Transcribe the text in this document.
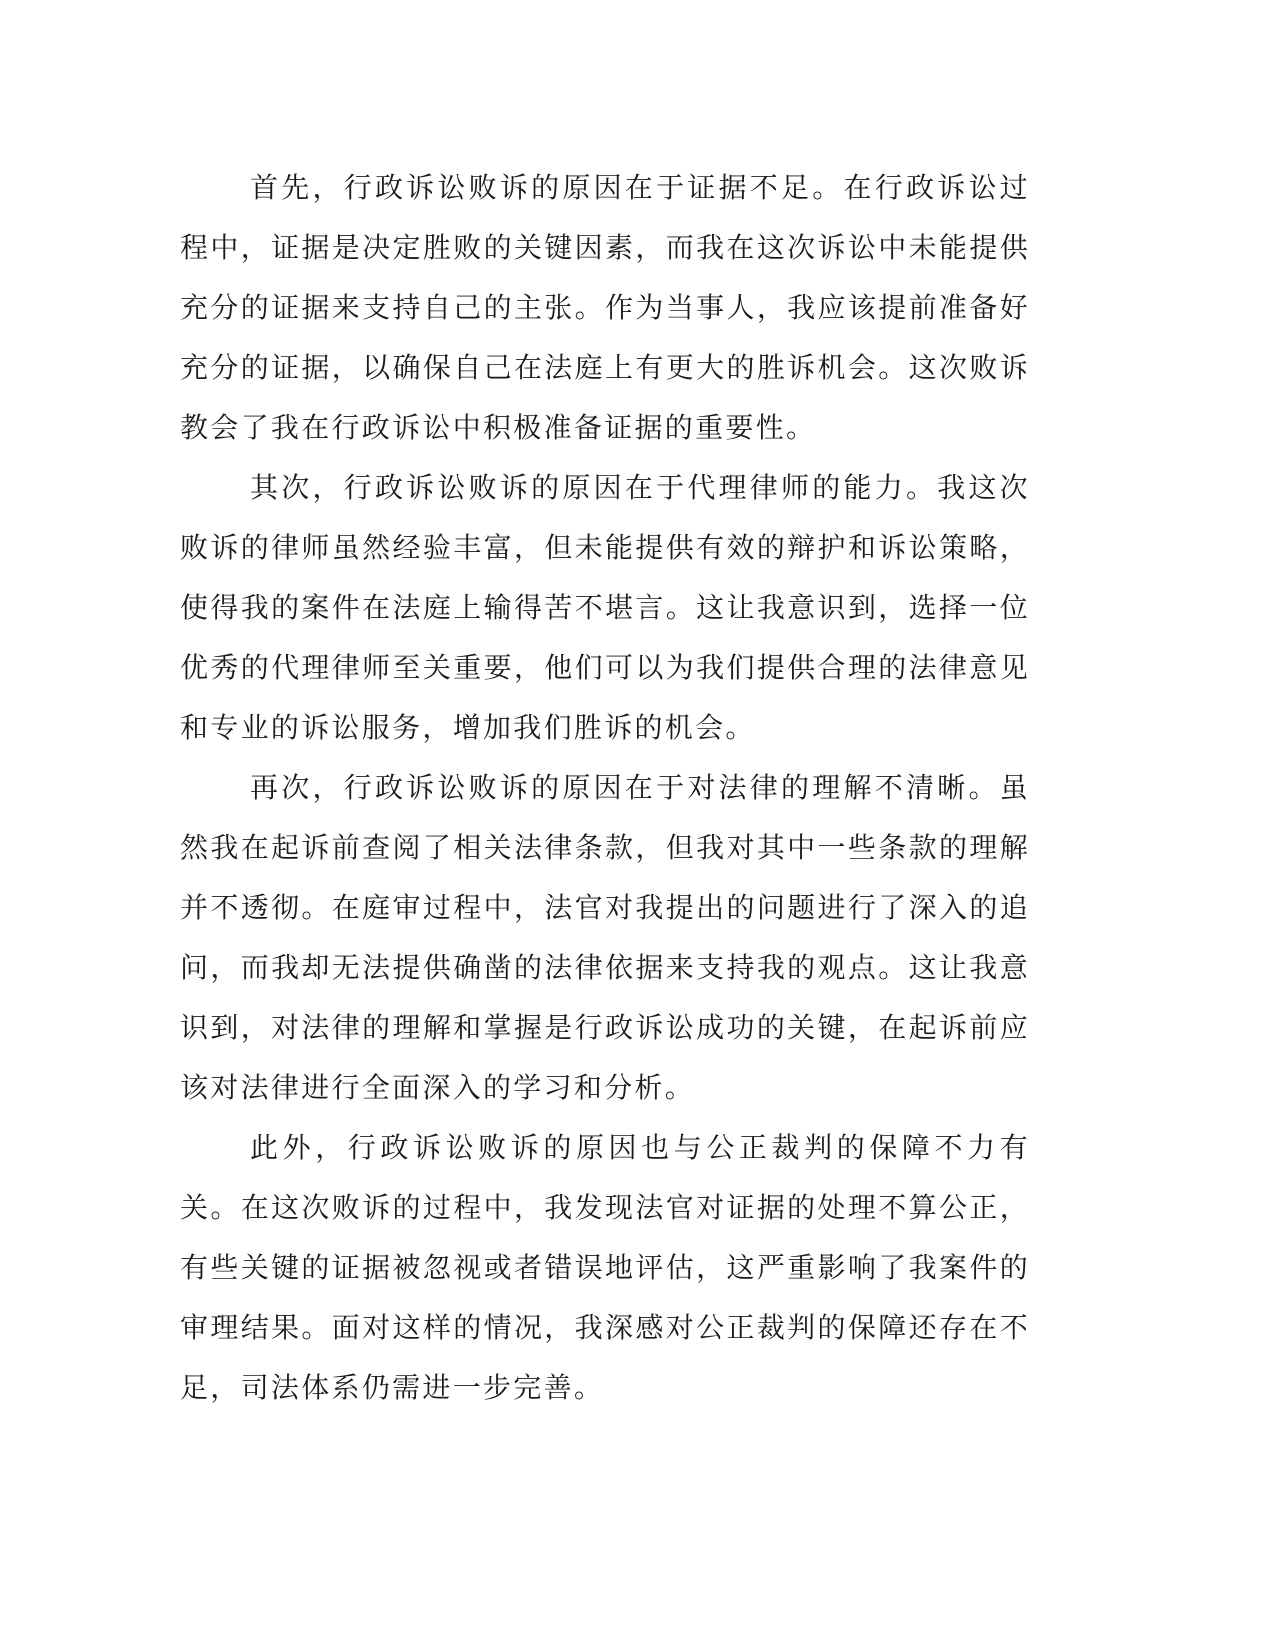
首先，行政诉讼败诉的原因在于证据不足。在行政诉讼过程中，证据是决定胜败的关键因素，而我在这次诉讼中未能提供充分的证据来支持自己的主张。作为当事人，我应该提前准备好充分的证据，以确保自己在法庭上有更大的胜诉机会。这次败诉教会了我在行政诉讼中积极准备证据的重要性。

其次，行政诉讼败诉的原因在于代理律师的能力。我这次败诉的律师虽然经验丰富，但未能提供有效的辩护和诉讼策略，使得我的案件在法庭上输得苦不堪言。这让我意识到，选择一位优秀的代理律师至关重要，他们可以为我们提供合理的法律意见和专业的诉讼服务，增加我们胜诉的机会。

再次，行政诉讼败诉的原因在于对法律的理解不清晰。虽然我在起诉前查阅了相关法律条款，但我对其中一些条款的理解并不透彻。在庭审过程中，法官对我提出的问题进行了深入的追问，而我却无法提供确凿的法律依据来支持我的观点。这让我意识到，对法律的理解和掌握是行政诉讼成功的关键，在起诉前应该对法律进行全面深入的学习和分析。

此外，行政诉讼败诉的原因也与公正裁判的保障不力有关。在这次败诉的过程中，我发现法官对证据的处理不算公正，有些关键的证据被忽视或者错误地评估，这严重影响了我案件的审理结果。面对这样的情况，我深感对公正裁判的保障还存在不足，司法体系仍需进一步完善。
